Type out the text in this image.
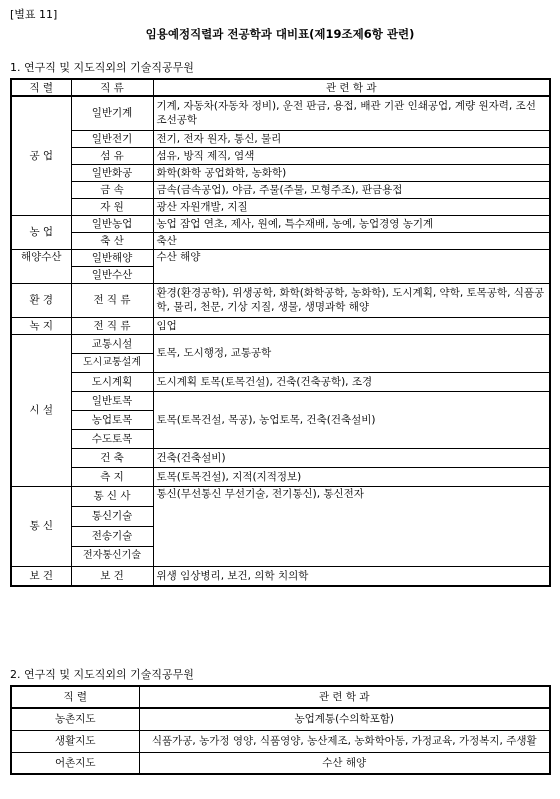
[별표 11]
임용예정직렬과 전공학과 대비표(제19조제6항 관련)
1. 연구직 및 지도직외의 기술직공무원
직 렬	직 류	관 련 학 과
공 업	일반기계	기계, 자동차(자동차 정비), 운전 판금, 용접, 배관 기관 인쇄공업, 계량 원자력, 조선 조선공학
	일반전기	전기, 전자 원자, 통신, 물리
	섬 유	섬유, 방직 제직, 염색
	일반화공	화학(화학 공업화학, 농화학)
	금 속	금속(금속공업), 야금, 주물(주물, 모형주조), 판금용접
	자 원	광산 자원개발, 지질
농 업	일반농업	농업 잠업 연초, 제사, 원예, 특수재배, 농예, 농업경영 농기계
	축 산	축산
해양수산	일반해양	수산 해양
	일반수산	
환 경	전 직 류	환경(환경공학), 위생공학, 화학(화학공학, 농화학), 도시계획, 약학, 토목공학, 식품공학, 물리, 천문, 기상 지질, 생물, 생명과학 해양
녹 지	전 직 류	임업
시 설	교통시설	토목, 도시행정, 교통공학
	도시교통설계	
	도시계획	도시계획 토목(토목건설), 건축(건축공학), 조경
	일반토목	토목(토목건설, 목공), 농업토목, 건축(건축설비)
	농업토목	
	수도토목	
	건 축	건축(건축설비)
	측 지	토목(토목건설), 지적(지적정보)
통 신	통 신 사	통신(무선통신 무선기술, 전기통신), 통신전자
	통신기술	
	전송기술	
	전자통신기술	
보 건	보 건	위생 임상병리, 보건, 의학 치의학
2. 연구직 및 지도직외의 기술직공무원
직 렬	관 련 학 과
농촌지도	농업계통(수의학포함)
생활지도	식품가공, 농가정 영양, 식품영양, 농산제조, 농화학아동, 가정교육, 가정복지, 주생활
어촌지도	수산 해양
